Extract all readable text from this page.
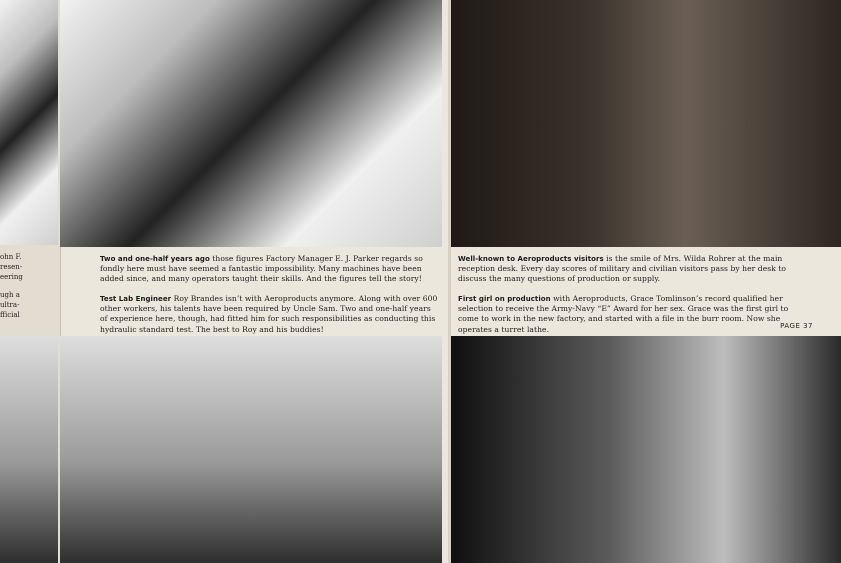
ohn F.
resen-
eering
ugh a
ultra-
fficial
Two and one-half years ago those figures Factory Manager E. J. Parker regards so fondly here must have seemed a fantastic impossibility. Many machines have been added since, and many operators taught their skills. And the figures tell the story!
Test Lab Engineer Roy Brandes isn’t with Aeroproducts anymore. Along with over 600 other workers, his talents have been required by Uncle Sam. Two and one-half years of experience here, though, had fitted him for such responsibilities as conducting this hydraulic standard test. The best to Roy and his buddies!
Well-known to Aeroproducts visitors is the smile of Mrs. Wilda Rohrer at the main reception desk. Every day scores of military and civilian visitors pass by her desk to discuss the many questions of production or supply.
First girl on production with Aeroproducts, Grace Tomlinson’s record qualified her selection to receive the Army-Navy “E” Award for her sex. Grace was the first girl to come to work in the new factory, and started with a file in the burr room. Now she operates a turret lathe.	PAGE 37
